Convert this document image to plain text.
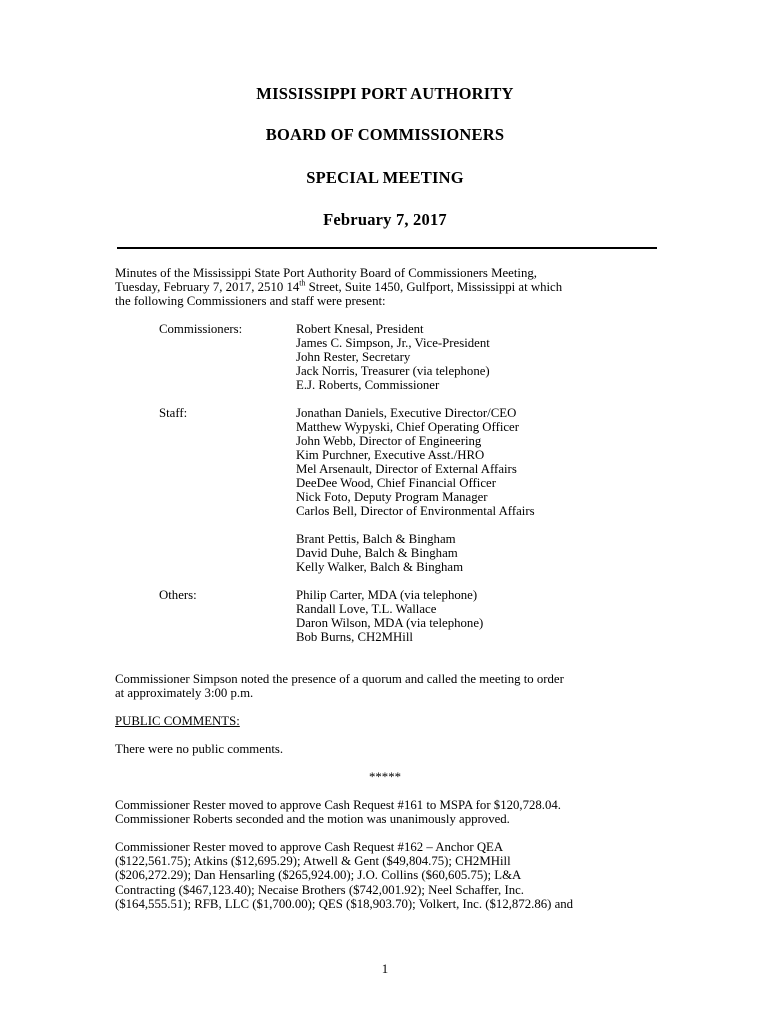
MISSISSIPPI PORT AUTHORITY
BOARD OF COMMISSIONERS
SPECIAL MEETING
February 7, 2017
Minutes of the Mississippi State Port Authority Board of Commissioners Meeting,
Tuesday, February 7, 2017, 2510 14th Street, Suite 1450, Gulfport, Mississippi at which
the following Commissioners and staff were present:
Commissioners:	Robert Knesal, President
James C. Simpson, Jr., Vice-President
John Rester, Secretary
Jack Norris, Treasurer (via telephone)
E.J. Roberts, Commissioner
Staff:	Jonathan Daniels, Executive Director/CEO
Matthew Wypyski, Chief Operating Officer
John Webb, Director of Engineering
Kim Purchner, Executive Asst./HRO
Mel Arsenault, Director of External Affairs
DeeDee Wood, Chief Financial Officer
Nick Foto, Deputy Program Manager
Carlos Bell, Director of Environmental Affairs
Brant Pettis, Balch & Bingham
David Duhe, Balch & Bingham
Kelly Walker, Balch & Bingham
Others:	Philip Carter, MDA (via telephone)
Randall Love, T.L. Wallace
Daron Wilson, MDA (via telephone)
Bob Burns, CH2MHill
Commissioner Simpson noted the presence of a quorum and called the meeting to order
at approximately 3:00 p.m.
PUBLIC COMMENTS:
There were no public comments.
*****
Commissioner Rester moved to approve Cash Request #161 to MSPA for $120,728.04.
Commissioner Roberts seconded and the motion was unanimously approved.
Commissioner Rester moved to approve Cash Request #162 – Anchor QEA
($122,561.75); Atkins ($12,695.29); Atwell & Gent ($49,804.75); CH2MHill
($206,272.29); Dan Hensarling ($265,924.00); J.O. Collins ($60,605.75); L&A
Contracting ($467,123.40); Necaise Brothers ($742,001.92); Neel Schaffer, Inc.
($164,555.51); RFB, LLC ($1,700.00); QES ($18,903.70); Volkert, Inc. ($12,872.86) and
1
